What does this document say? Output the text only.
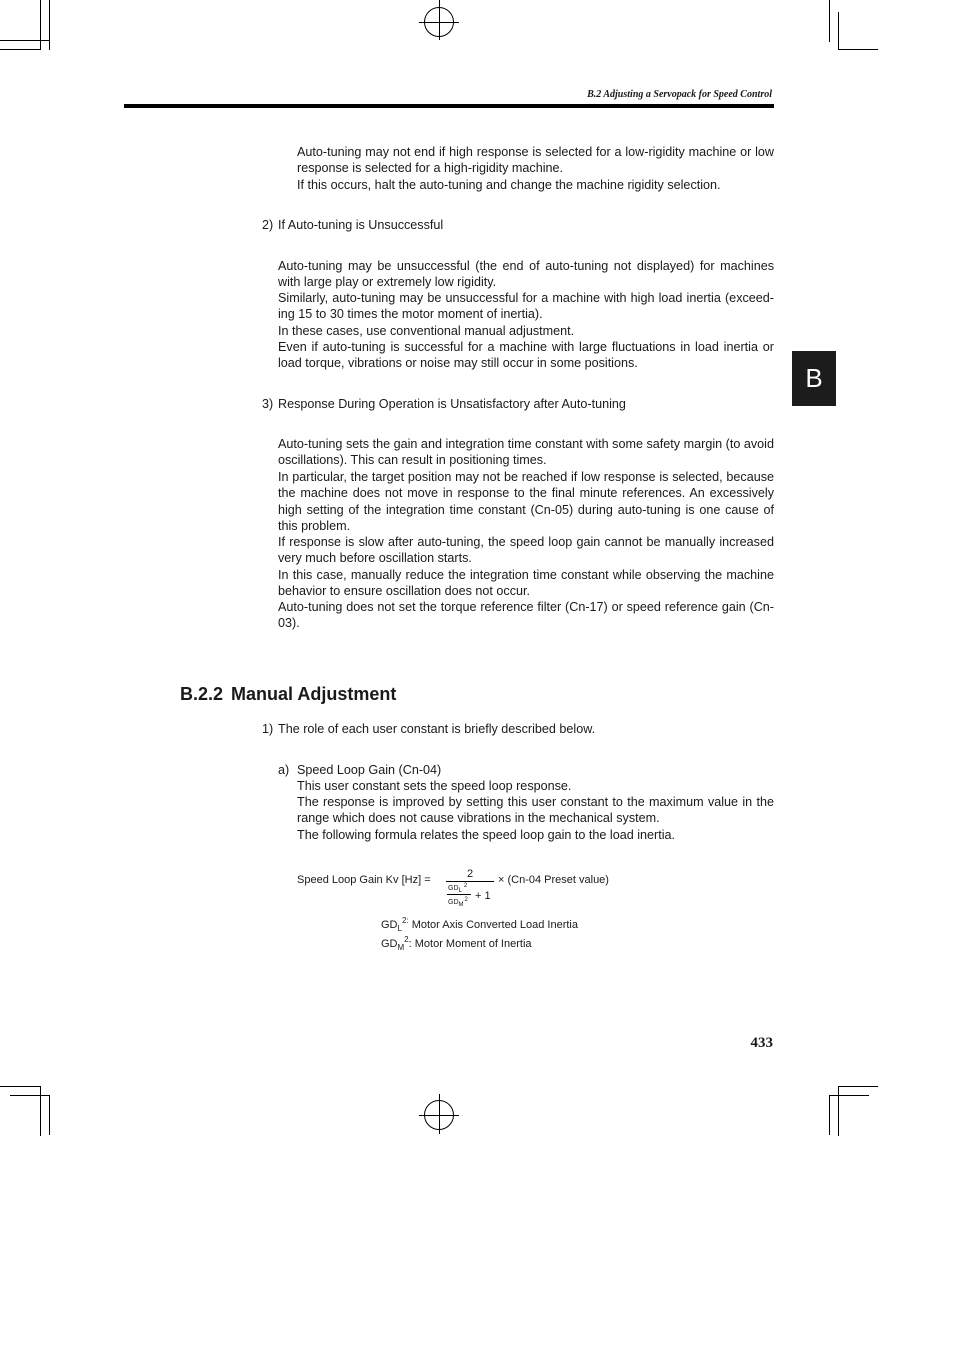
B.2 Adjusting a Servopack for Speed Control
B
Auto-tuning may not end if high response is selected for a low-rigidity machine or low response is selected for a high-rigidity machine.
If this occurs, halt the auto-tuning and change the machine rigidity selection.
2) If Auto-tuning is Unsuccessful
Auto-tuning may be unsuccessful (the end of auto-tuning not displayed) for machines with large play or extremely low rigidity.
Similarly, auto-tuning may be unsuccessful for a machine with high load inertia (exceed-ing 15 to 30 times the motor moment of inertia).
In these cases, use conventional manual adjustment.
Even if auto-tuning is successful for a machine with large fluctuations in load inertia or load torque, vibrations or noise may still occur in some positions.
3) Response During Operation is Unsatisfactory after Auto-tuning
Auto-tuning sets the gain and integration time constant with some safety margin (to avoid oscillations). This can result in positioning times.
In particular, the target position may not be reached if low response is selected, because the machine does not move in response to the final minute references. An excessively high setting of the integration time constant (Cn-05) during auto-tuning is one cause of this problem.
If response is slow after auto-tuning, the speed loop gain cannot be manually increased very much before oscillation starts.
In this case, manually reduce the integration time constant while observing the machine behavior to ensure oscillation does not occur.
Auto-tuning does not set the torque reference filter (Cn-17) or speed reference gain (Cn-03).
B.2.2 Manual Adjustment
1) The role of each user constant is briefly described below.
a) Speed Loop Gain (Cn-04)
This user constant sets the speed loop response.
The response is improved by setting this user constant to the maximum value in the range which does not cause vibrations in the mechanical system.
The following formula relates the speed loop gain to the load inertia.
Speed Loop Gain Kv [Hz] =	2
GDL2
GDM2 + 1
× (Cn-04 Preset value)
$GD_L^{2:}$ Motor Axis Converted Load Inertia
$GD_M^2$: Motor Moment of Inertia
433
